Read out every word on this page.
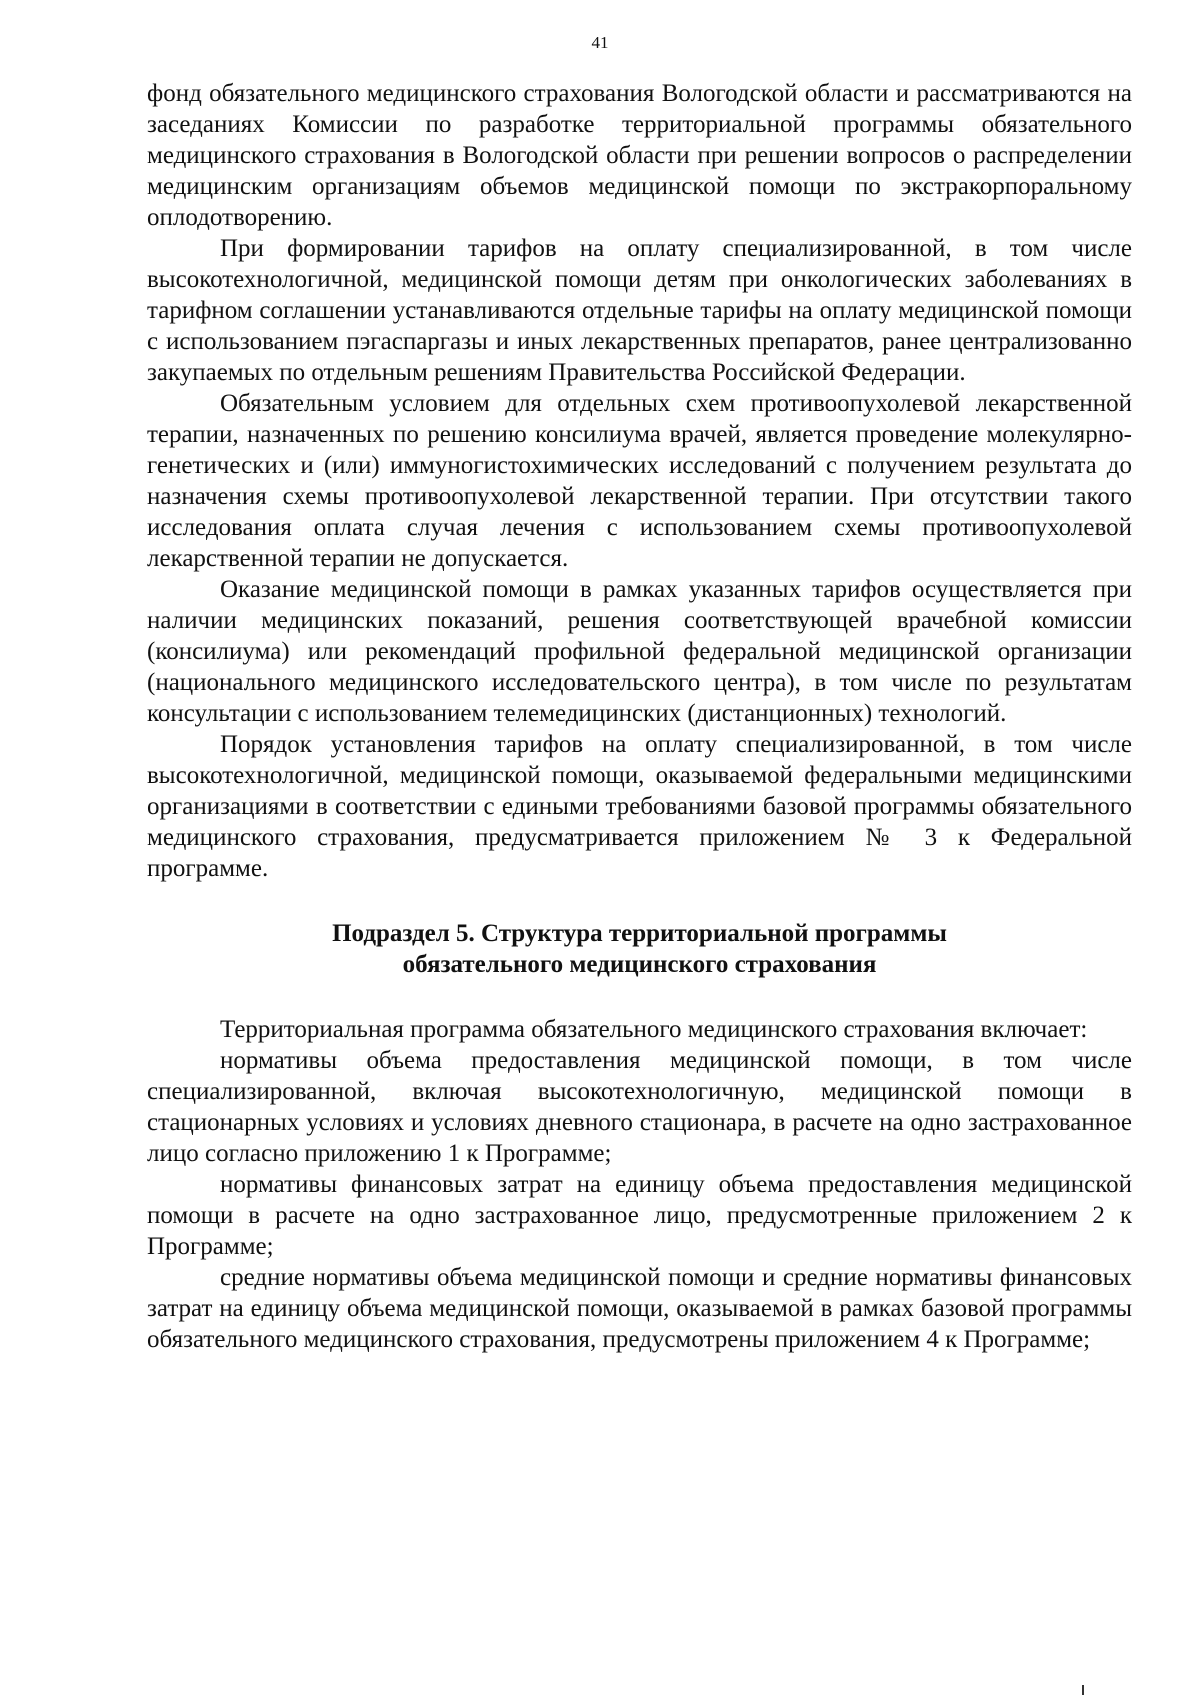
41

фонд обязательного медицинского страхования Вологодской области и рассматриваются на заседаниях Комиссии по разработке территориальной программы обязательного медицинского страхования в Вологодской области при решении вопросов о распределении медицинским организациям объемов медицинской помощи по экстракорпоральному оплодотворению.

При формировании тарифов на оплату специализированной, в том числе высокотехнологичной, медицинской помощи детям при онкологических заболеваниях в тарифном соглашении устанавливаются отдельные тарифы на оплату медицинской помощи с использованием пэгаспаргазы и иных лекарственных препаратов, ранее централизованно закупаемых по отдельным решениям Правительства Российской Федерации.

Обязательным условием для отдельных схем противоопухолевой лекарственной терапии, назначенных по решению консилиума врачей, является проведение молекулярно-генетических и (или) иммуногистохимических исследований с получением результата до назначения схемы противоопухолевой лекарственной терапии. При отсутствии такого исследования оплата случая лечения с использованием схемы противоопухолевой лекарственной терапии не допускается.

Оказание медицинской помощи в рамках указанных тарифов осуществляется при наличии медицинских показаний, решения соответствующей врачебной комиссии (консилиума) или рекомендаций профильной федеральной медицинской организации (национального медицинского исследовательского центра), в том числе по результатам консультации с использованием телемедицинских (дистанционных) технологий.

Порядок установления тарифов на оплату специализированной, в том числе высокотехнологичной, медицинской помощи, оказываемой федеральными медицинскими организациями в соответствии с едиными требованиями базовой программы обязательного медицинского страхования, предусматривается приложением № 3 к Федеральной программе.

Подраздел 5. Структура территориальной программы
обязательного медицинского страхования

Территориальная программа обязательного медицинского страхования включает:

нормативы объема предоставления медицинской помощи, в том числе специализированной, включая высокотехнологичную, медицинской помощи в стационарных условиях и условиях дневного стационара, в расчете на одно застрахованное лицо согласно приложению 1 к Программе;

нормативы финансовых затрат на единицу объема предоставления медицинской помощи в расчете на одно застрахованное лицо, предусмотренные приложением 2 к Программе;

средние нормативы объема медицинской помощи и средние нормативы финансовых затрат на единицу объема медицинской помощи, оказываемой в рамках базовой программы обязательного медицинского страхования, предусмотрены приложением 4 к Программе;
